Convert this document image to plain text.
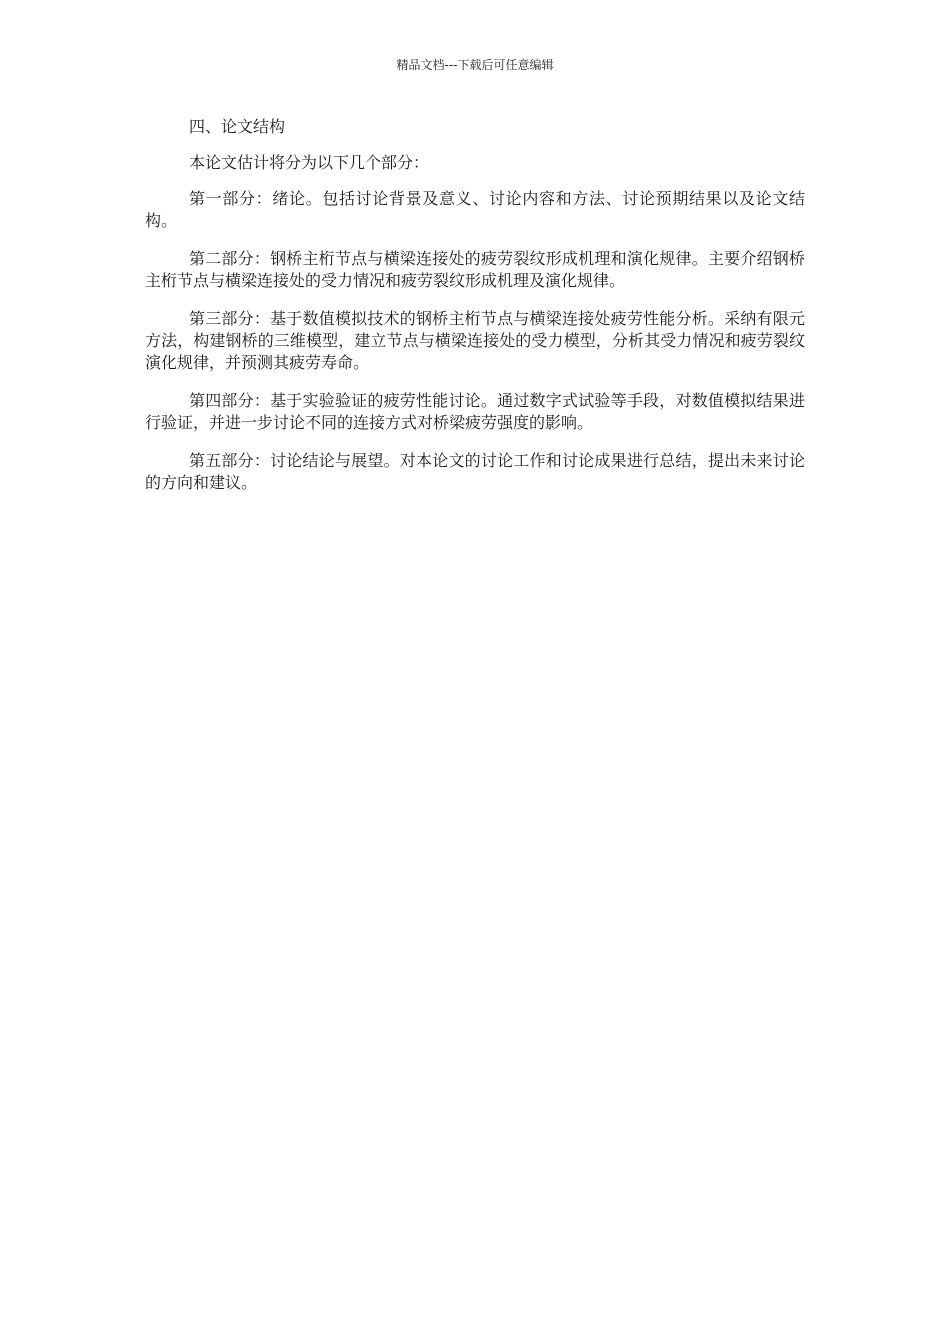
精品文档---下载后可任意编辑

四、论文结构

本论文估计将分为以下几个部分：

第一部分：绪论。包括讨论背景及意义、讨论内容和方法、讨论预期结果以及论文结构。

第二部分：钢桥主桁节点与横梁连接处的疲劳裂纹形成机理和演化规律。主要介绍钢桥主桁节点与横梁连接处的受力情况和疲劳裂纹形成机理及演化规律。

第三部分：基于数值模拟技术的钢桥主桁节点与横梁连接处疲劳性能分析。采纳有限元方法，构建钢桥的三维模型，建立节点与横梁连接处的受力模型，分析其受力情况和疲劳裂纹演化规律，并预测其疲劳寿命。

第四部分：基于实验验证的疲劳性能讨论。通过数字式试验等手段，对数值模拟结果进行验证，并进一步讨论不同的连接方式对桥梁疲劳强度的影响。

第五部分：讨论结论与展望。对本论文的讨论工作和讨论成果进行总结，提出未来讨论的方向和建议。
